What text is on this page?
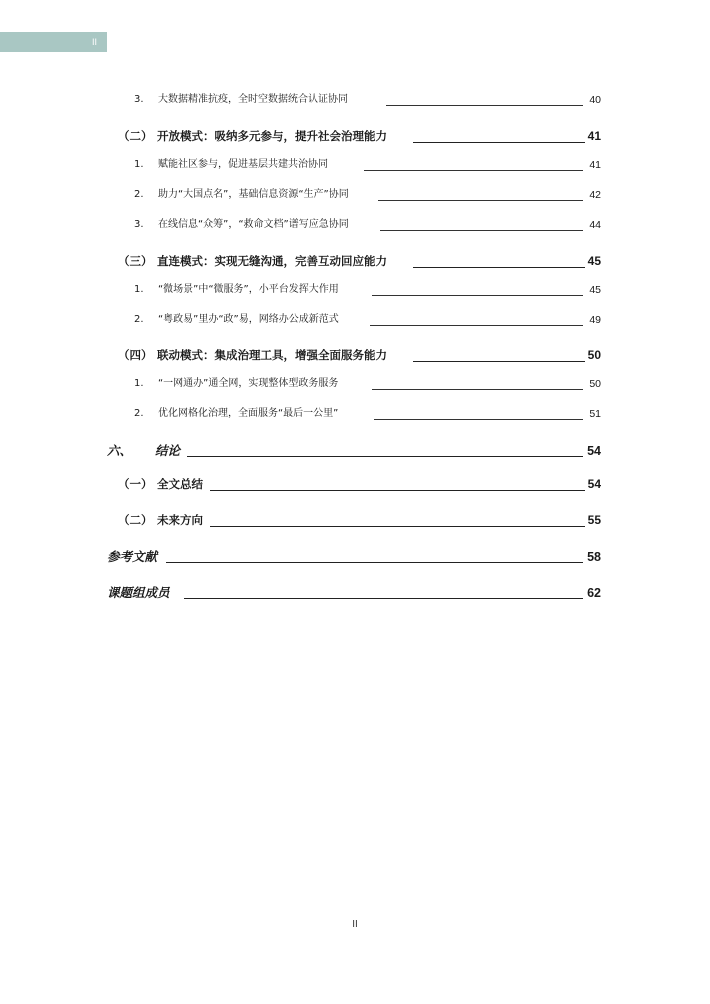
II
3. 大数据精准抗疫，全时空数据统合认证协同	40
（二） 开放模式：吸纳多元参与，提升社会治理能力	41
1. 赋能社区参与，促进基层共建共治协同	41
2. 助力“大国点名”，基础信息资源“生产”协同	42
3. 在线信息“众筹”，“救命文档”谱写应急协同	44
（三） 直连模式：实现无缝沟通，完善互动回应能力	45
1. “微场景”中“微服务”，小平台发挥大作用	45
2. “粤政易”里办“政”易，网络办公成新范式	49
（四） 联动模式：集成治理工具，增强全面服务能力	50
1. “一网通办”通全网，实现整体型政务服务	50
2. 优化网格化治理，全面服务“最后一公里”	51
六、 结论	54
（一） 全文总结	54
（二） 未来方向	55
参考文献	58
课题组成员	62
II
